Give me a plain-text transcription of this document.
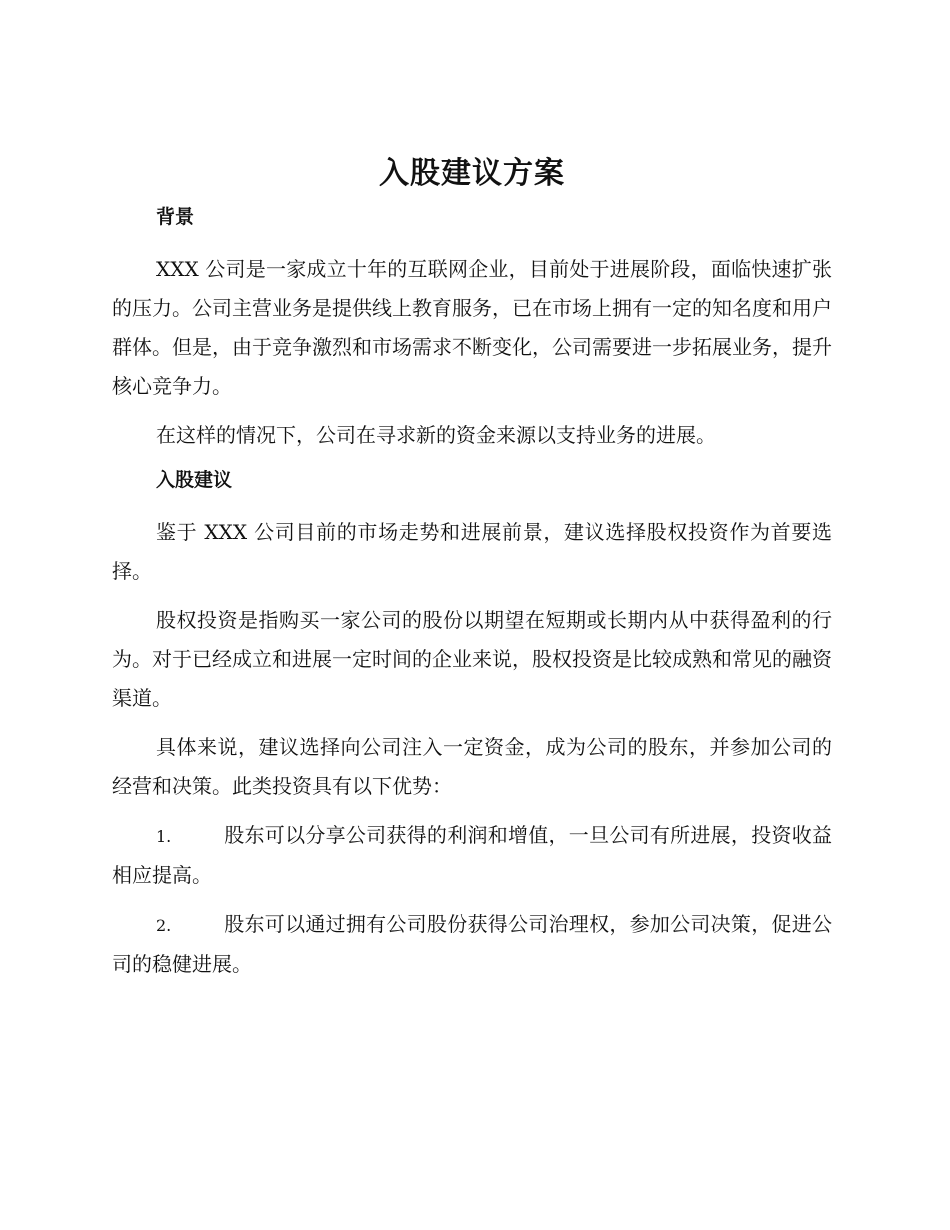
入股建议方案
背景

XXX 公司是一家成立十年的互联网企业，目前处于进展阶段，面临快速扩张的压力。公司主营业务是提供线上教育服务，已在市场上拥有一定的知名度和用户群体。但是，由于竞争激烈和市场需求不断变化，公司需要进一步拓展业务，提升核心竞争力。

在这样的情况下，公司在寻求新的资金来源以支持业务的进展。

入股建议

鉴于 XXX 公司目前的市场走势和进展前景，建议选择股权投资作为首要选择。

股权投资是指购买一家公司的股份以期望在短期或长期内从中获得盈利的行为。对于已经成立和进展一定时间的企业来说，股权投资是比较成熟和常见的融资渠道。

具体来说，建议选择向公司注入一定资金，成为公司的股东，并参加公司的经营和决策。此类投资具有以下优势：

1.	股东可以分享公司获得的利润和增值，一旦公司有所进展，投资收益相应提高。

2.	股东可以通过拥有公司股份获得公司治理权，参加公司决策，促进公司的稳健进展。
